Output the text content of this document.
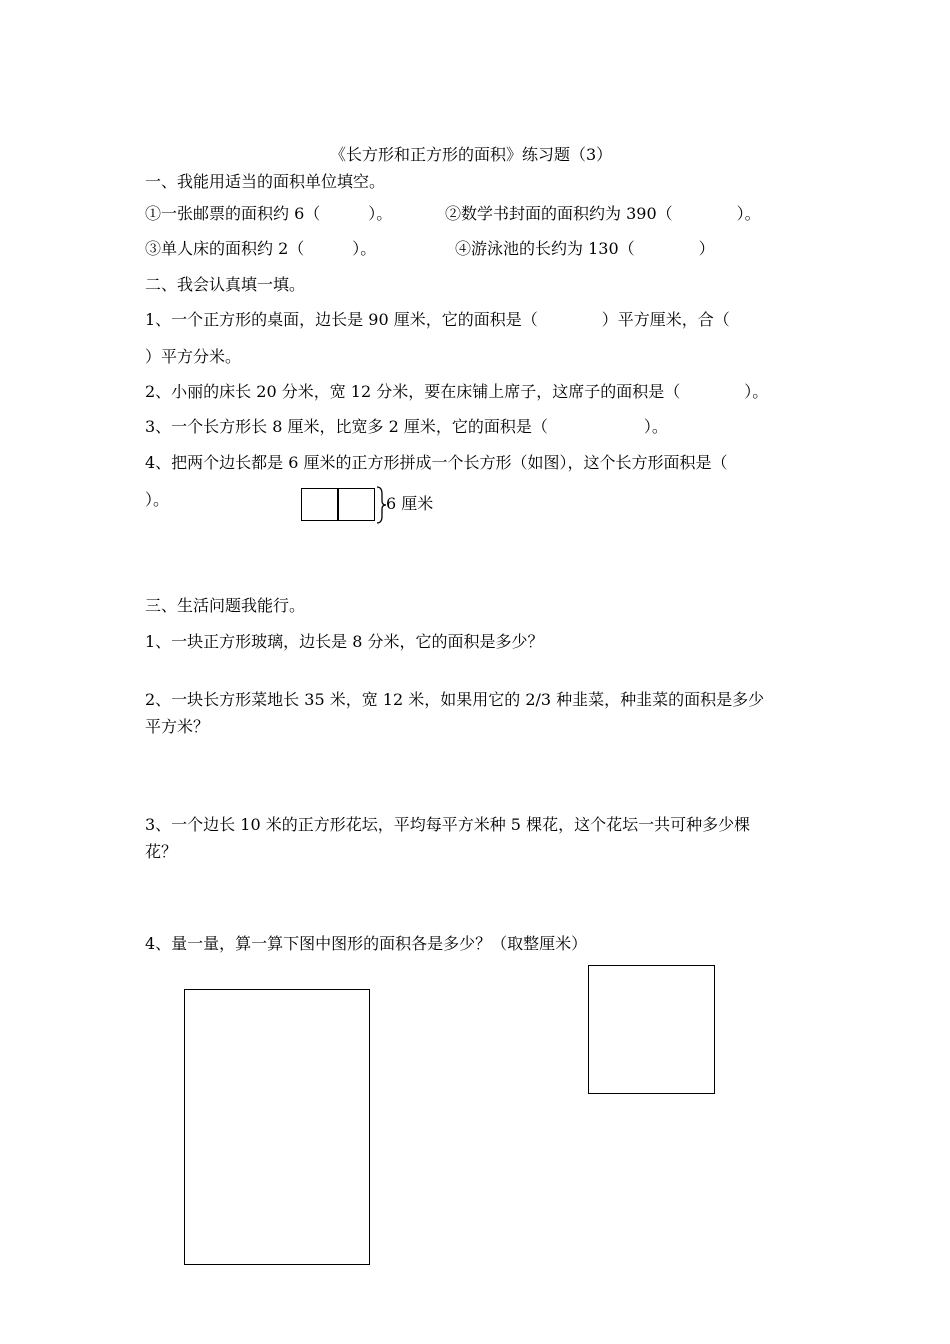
《长方形和正方形的面积》练习题（3）
一、我能用适当的面积单位填空。
①一张邮票的面积约 6（　　　）。	②数学书封面的面积约为 390（　　　　）。
③单人床的面积约 2（　　　）。	④游泳池的长约为 130（　　　　）
二、我会认真填一填。
1、一个正方形的桌面，边长是 90 厘米，它的面积是（　　　　）平方厘米，合（
）平方分米。
2、小丽的床长 20 分米，宽 12 分米，要在床铺上席子，这席子的面积是（　　　　）。
3、一个长方形长 8 厘米，比宽多 2 厘米，它的面积是（　　　　　　）。
4、把两个边长都是 6 厘米的正方形拼成一个长方形（如图），这个长方形面积是（
）。	6 厘米
三、生活问题我能行。
1、一块正方形玻璃，边长是 8 分米，它的面积是多少？
2、一块长方形菜地长 35 米，宽 12 米，如果用它的 2/3 种韭菜，种韭菜的面积是多少
平方米？
3、一个边长 10 米的正方形花坛，平均每平方米种 5 棵花，这个花坛一共可种多少棵
花？
4、量一量，算一算下图中图形的面积各是多少？（取整厘米）
